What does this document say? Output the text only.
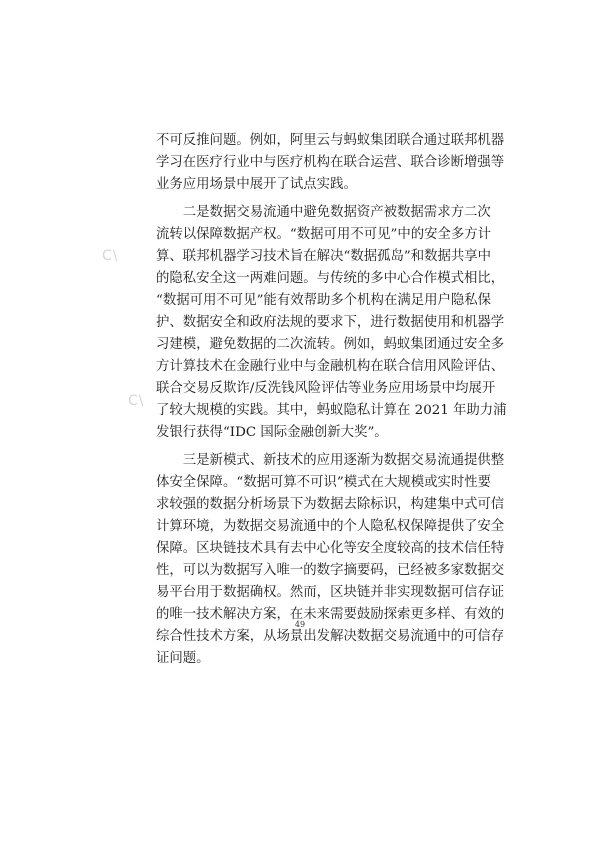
C\
C\
不可反推问题。例如，阿里云与蚂蚁集团联合通过联邦机器
学习在医疗行业中与医疗机构在联合运营、联合诊断增强等
业务应用场景中展开了试点实践。
　　二是数据交易流通中避免数据资产被数据需求方二次
流转以保障数据产权。“数据可用不可见”中的安全多方计
算、联邦机器学习技术旨在解决“数据孤岛”和数据共享中
的隐私安全这一两难问题。与传统的多中心合作模式相比，
“数据可用不可见”能有效帮助多个机构在满足用户隐私保
护、数据安全和政府法规的要求下，进行数据使用和机器学
习建模，避免数据的二次流转。例如，蚂蚁集团通过安全多
方计算技术在金融行业中与金融机构在联合信用风险评估、
联合交易反欺诈/反洗钱风险评估等业务应用场景中均展开
了较大规模的实践。其中，蚂蚁隐私计算在 2021 年助力浦
发银行获得“IDC 国际金融创新大奖”。
　　三是新模式、新技术的应用逐渐为数据交易流通提供整
体安全保障。“数据可算不可识”模式在大规模或实时性要
求较强的数据分析场景下为数据去除标识，构建集中式可信
计算环境，为数据交易流通中的个人隐私权保障提供了安全
保障。区块链技术具有去中心化等安全度较高的技术信任特
性，可以为数据写入唯一的数字摘要码，已经被多家数据交
易平台用于数据确权。然而，区块链并非实现数据可信存证
的唯一技术解决方案，在未来需要鼓励探索更多样、有效的
综合性技术方案，从场景出发解决数据交易流通中的可信存
证问题。
49
